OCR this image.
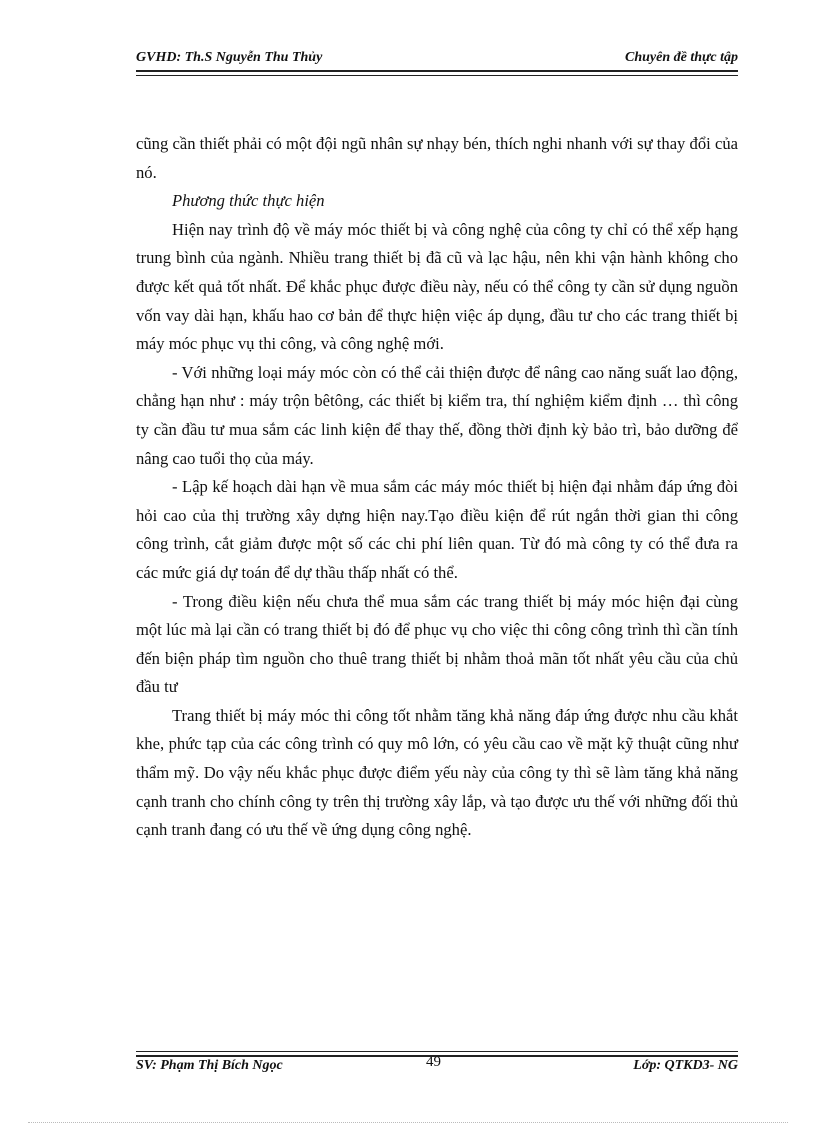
GVHD: Th.S Nguyễn Thu Thủy	Chuyên đề thực tập

cũng cần thiết phải có một đội ngũ nhân sự nhạy bén, thích nghi nhanh với sự thay đổi của nó.

Phương thức thực hiện

Hiện nay trình độ về máy móc thiết bị và công nghệ của công ty chỉ có thể xếp hạng trung bình của ngành. Nhiều trang thiết bị đã cũ và lạc hậu, nên khi vận hành không cho được kết quả tốt nhất. Để khắc phục được điều này, nếu có thể công ty cần sử dụng nguồn vốn vay dài hạn, khấu hao cơ bản để thực hiện việc áp dụng, đầu tư cho các trang thiết bị máy móc phục vụ thi công, và công nghệ mới.

- Với những loại máy móc còn có thể cải thiện được để nâng cao năng suất lao động, chẳng hạn như : máy trộn bêtông, các thiết bị kiểm tra, thí nghiệm kiểm định … thì công ty cần đầu tư mua sắm các linh kiện để thay thế, đồng thời định kỳ bảo trì, bảo dưỡng để nâng cao tuổi thọ của máy.

- Lập kế hoạch dài hạn về mua sắm các máy móc thiết bị hiện đại nhằm đáp ứng đòi hỏi cao của thị trường xây dựng hiện nay.Tạo điều kiện để rút ngắn thời gian thi công công trình, cắt giảm được một số các chi phí liên quan. Từ đó mà công ty có thể đưa ra các mức giá dự toán để dự thầu thấp nhất có thể.

- Trong điều kiện nếu chưa thể mua sắm các trang thiết bị máy móc hiện đại cùng một lúc mà lại cần có trang thiết bị đó để phục vụ cho việc thi công công trình thì cần tính đến biện pháp tìm nguồn cho thuê trang thiết bị nhằm thoả mãn tốt nhất yêu cầu của chủ đầu tư

Trang thiết bị máy móc thi công tốt nhằm tăng khả năng đáp ứng được nhu cầu khắt khe, phức tạp của các công trình có quy mô lớn, có yêu cầu cao về mặt kỹ thuật cũng như thẩm mỹ. Do vậy nếu khắc phục được điểm yếu này của công ty thì sẽ làm tăng khả năng cạnh tranh cho chính công ty trên thị trường xây lắp, và tạo được ưu thế với những đối thủ cạnh tranh đang có ưu thế về ứng dụng công nghệ.

SV: Phạm Thị Bích Ngọc	49	Lớp: QTKD3- NG
